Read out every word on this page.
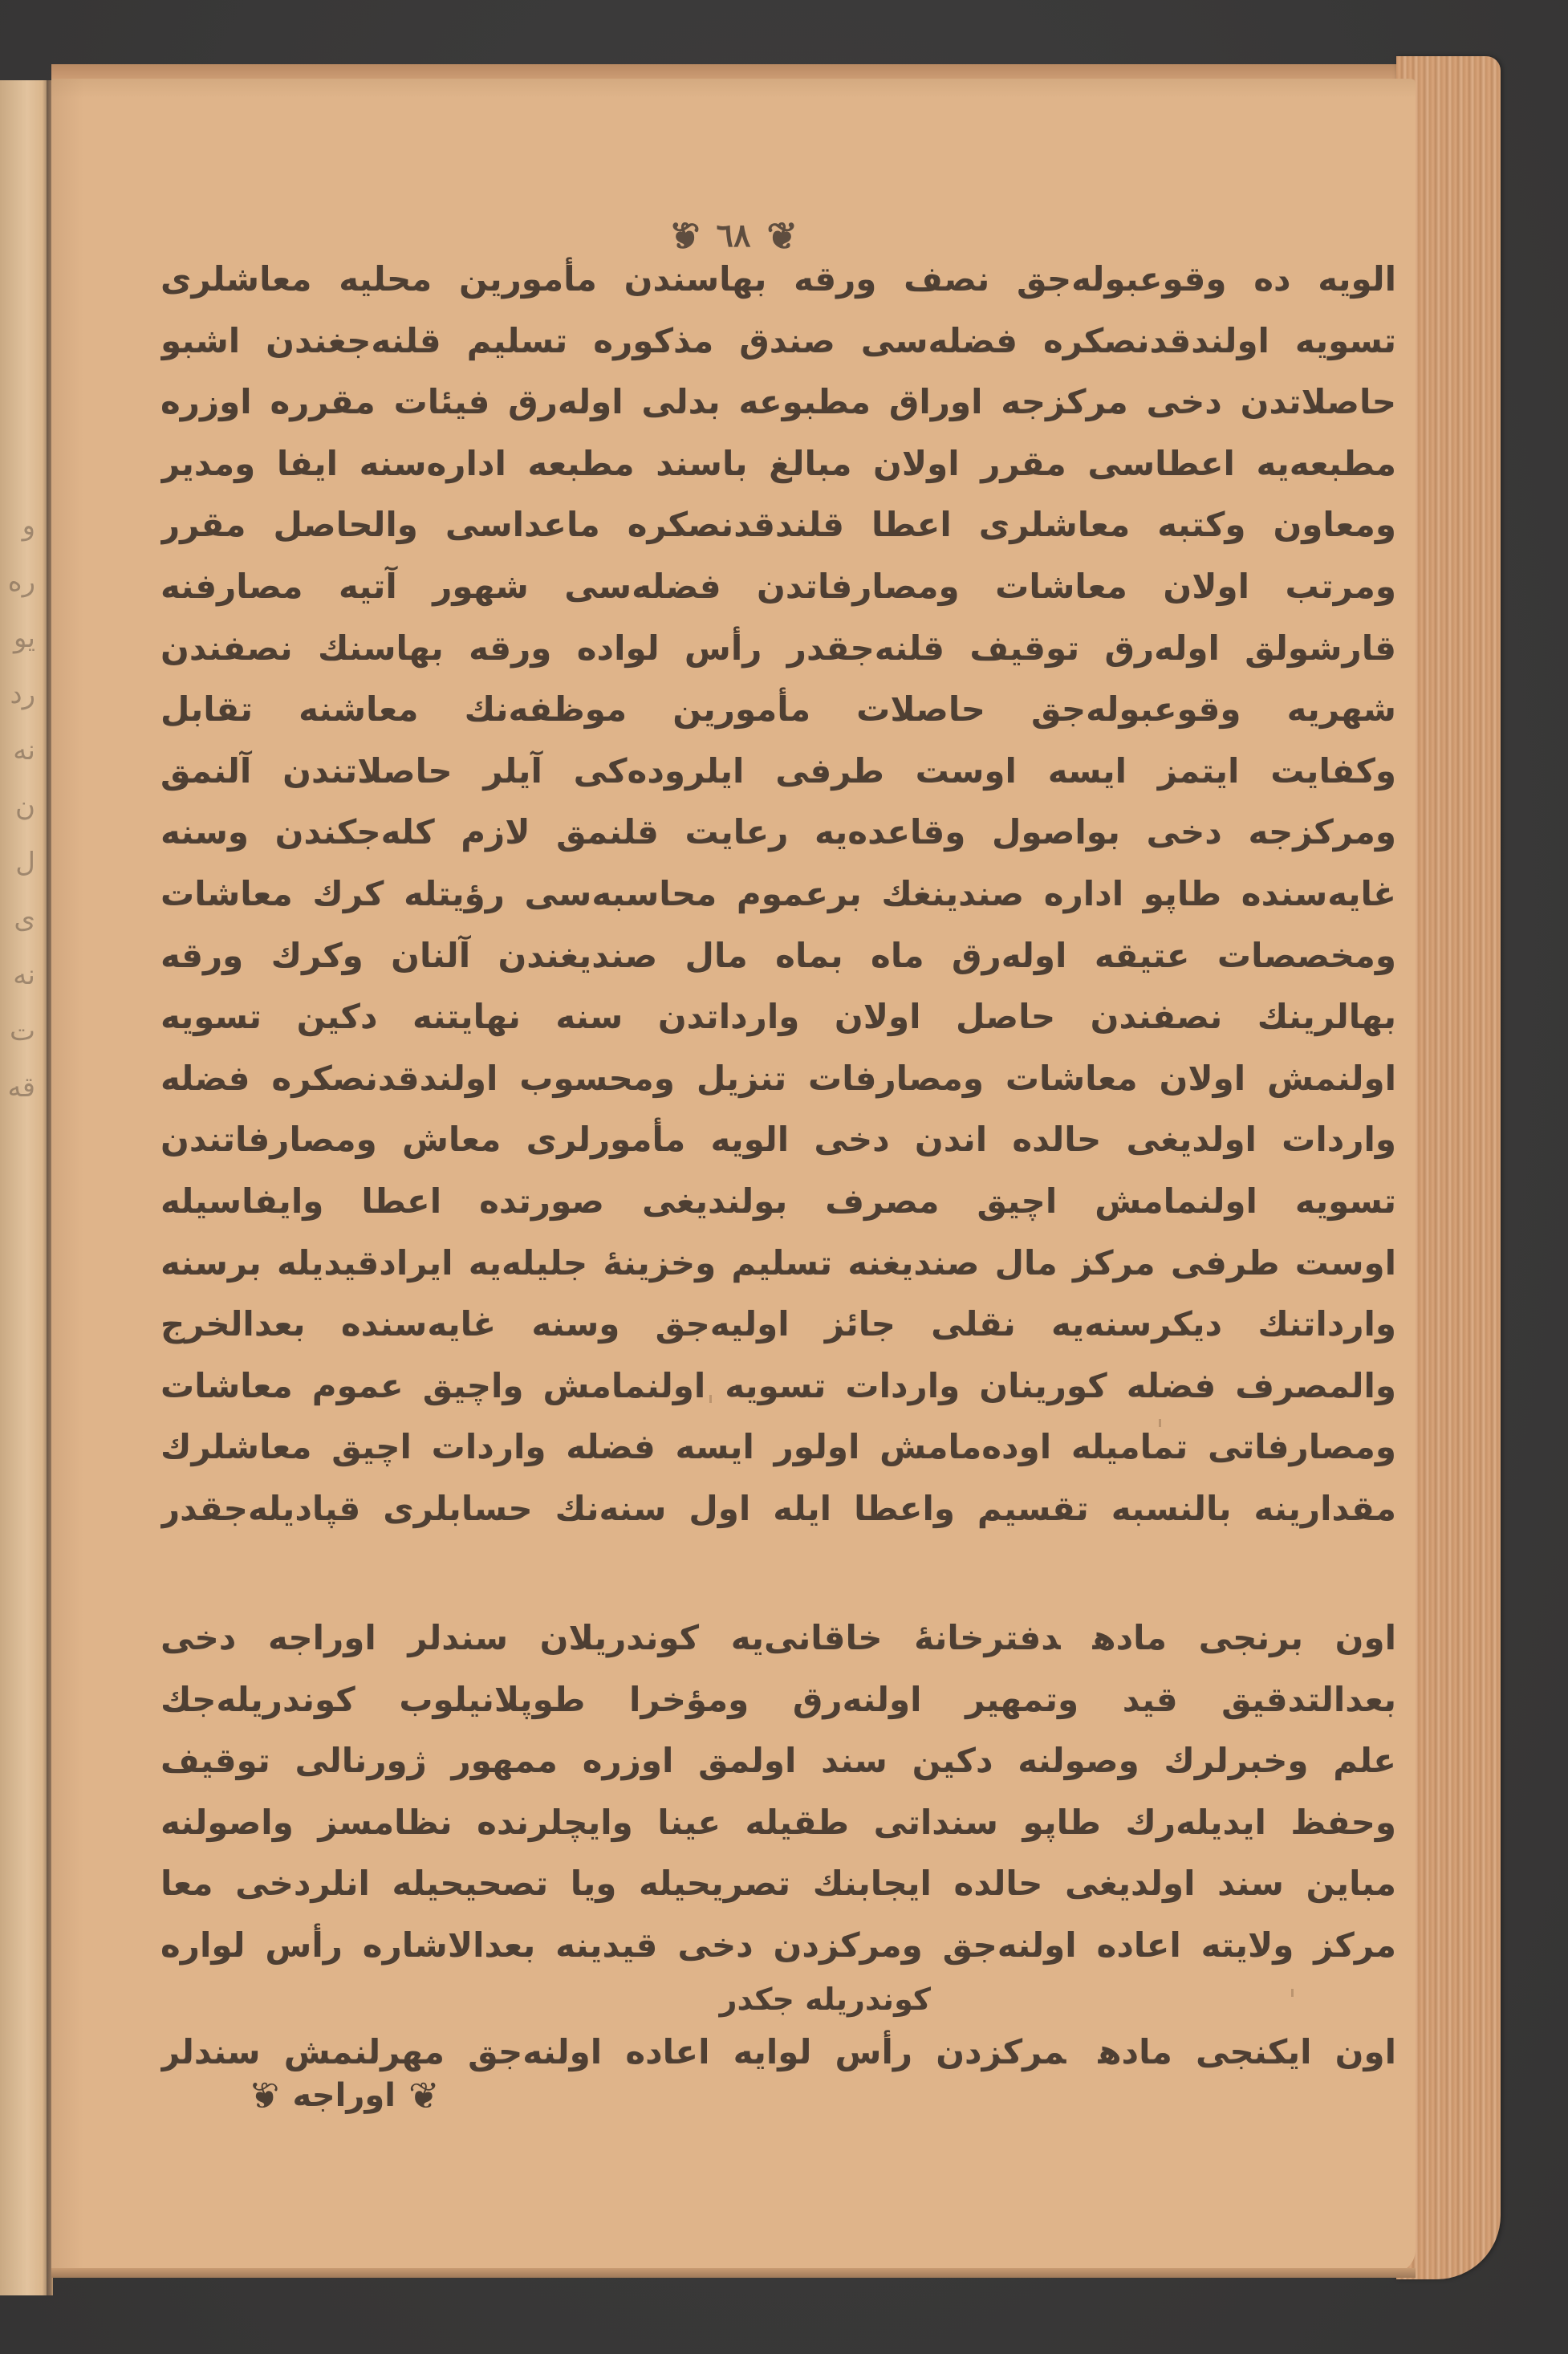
و
ره
يو
رد
نه
ن
ل
ى
نه
ت
قه
❦ ٦٨ ❦
الويه ده وقوعبوله‌جق نصف ورقه بهاسندن مأمورين محليه معاشلرى
تسويه اولندقدنصكره فضله‌سى صندق مذكوره تسليم قلنه‌جغندن اشبو
حاصلاتدن دخى مركزجه اوراق مطبوعه بدلى اوله‌رق فيئات مقرره اوزره
مطبعه‌يه اعطاسى مقرر اولان مبالغ باسند مطبعه اداره‌سنه ايفا ومدير
ومعاون وكتبه معاشلرى اعطا قلندقدنصكره ماعداسى والحاصل مقرر
ومرتب اولان معاشات ومصارفاتدن فضله‌سى شهور آتيه مصارفنه
قارشولق اوله‌رق توقيف قلنه‌جقدر رأس لواده ورقه بهاسنك نصفندن
شهريه وقوعبوله‌جق حاصلات مأمورين موظفه‌نك معاشنه تقابل
وكفايت ايتمز ايسه اوست طرفى ايلروده‌كى آيلر حاصلاتندن آلنمق
ومركزجه دخى بواصول وقاعده‌يه رعايت قلنمق لازم كله‌جكندن وسنه
غايه‌سنده طاپو اداره صندينغك برعموم محاسبه‌سى رؤيتله كرك معاشات
ومخصصات عتيقه اوله‌رق ماه بماه مال صنديغندن آلنان وكرك ورقه
بهالرينك نصفندن حاصل اولان وارداتدن سنه نهايتنه دكين تسويه
اولنمش اولان معاشات ومصارفات تنزيل ومحسوب اولندقدنصكره فضله
واردات اولديغى حالده اندن دخى الويه مأمورلرى معاش ومصارفاتندن
تسويه اولنمامش اچيق مصرف بولنديغى صورتده اعطا وايفاسيله
اوست طرفى مركز مال صنديغنه تسليم وخزينهٔ جليله‌يه ايرادقيديله برسنه
وارداتنك ديكرسنه‌يه نقلى جائز اوليه‌جق وسنه غايه‌سنده بعدالخرج
والمصرف فضله كورينان واردات تسويه اولنمامش واچيق عموم معاشات
ومصارفاتى تماميله اوده‌مامش اولور ايسه فضله واردات اچيق معاشلرك
مقدارينه بالنسبه تقسيم واعطا ايله اول سنه‌نك حسابلرى قپاديله‌جقدر
اون برنجى مادهدفترخانهٔ خاقانى‌يه كوندريلان سندلر اوراجه دخى
بعدالتدقيق قيد وتمهير اولنه‌رق ومؤخرا طوپلانيلوب كوندريله‌جك
علم وخبرلرك وصولنه دكين سند اولمق اوزره ممهور ژورنالى توقيف
وحفظ ايديله‌رك طاپو سنداتى طقيله عينا وايچلرنده نظامسز واصولنه
مباين سند اولديغى حالده ايجابنك تصريحيله ويا تصحيحيله انلردخى معا
مركز ولايته اعاده اولنه‌جق ومركزدن دخى قيدينه بعدالاشاره رأس لواره
كوندريله جكدر
اون ايكنجى مادهمركزدن رأس لوايه اعاده اولنه‌جق مهرلنمش سندلر
❦
اوراجه
❦
